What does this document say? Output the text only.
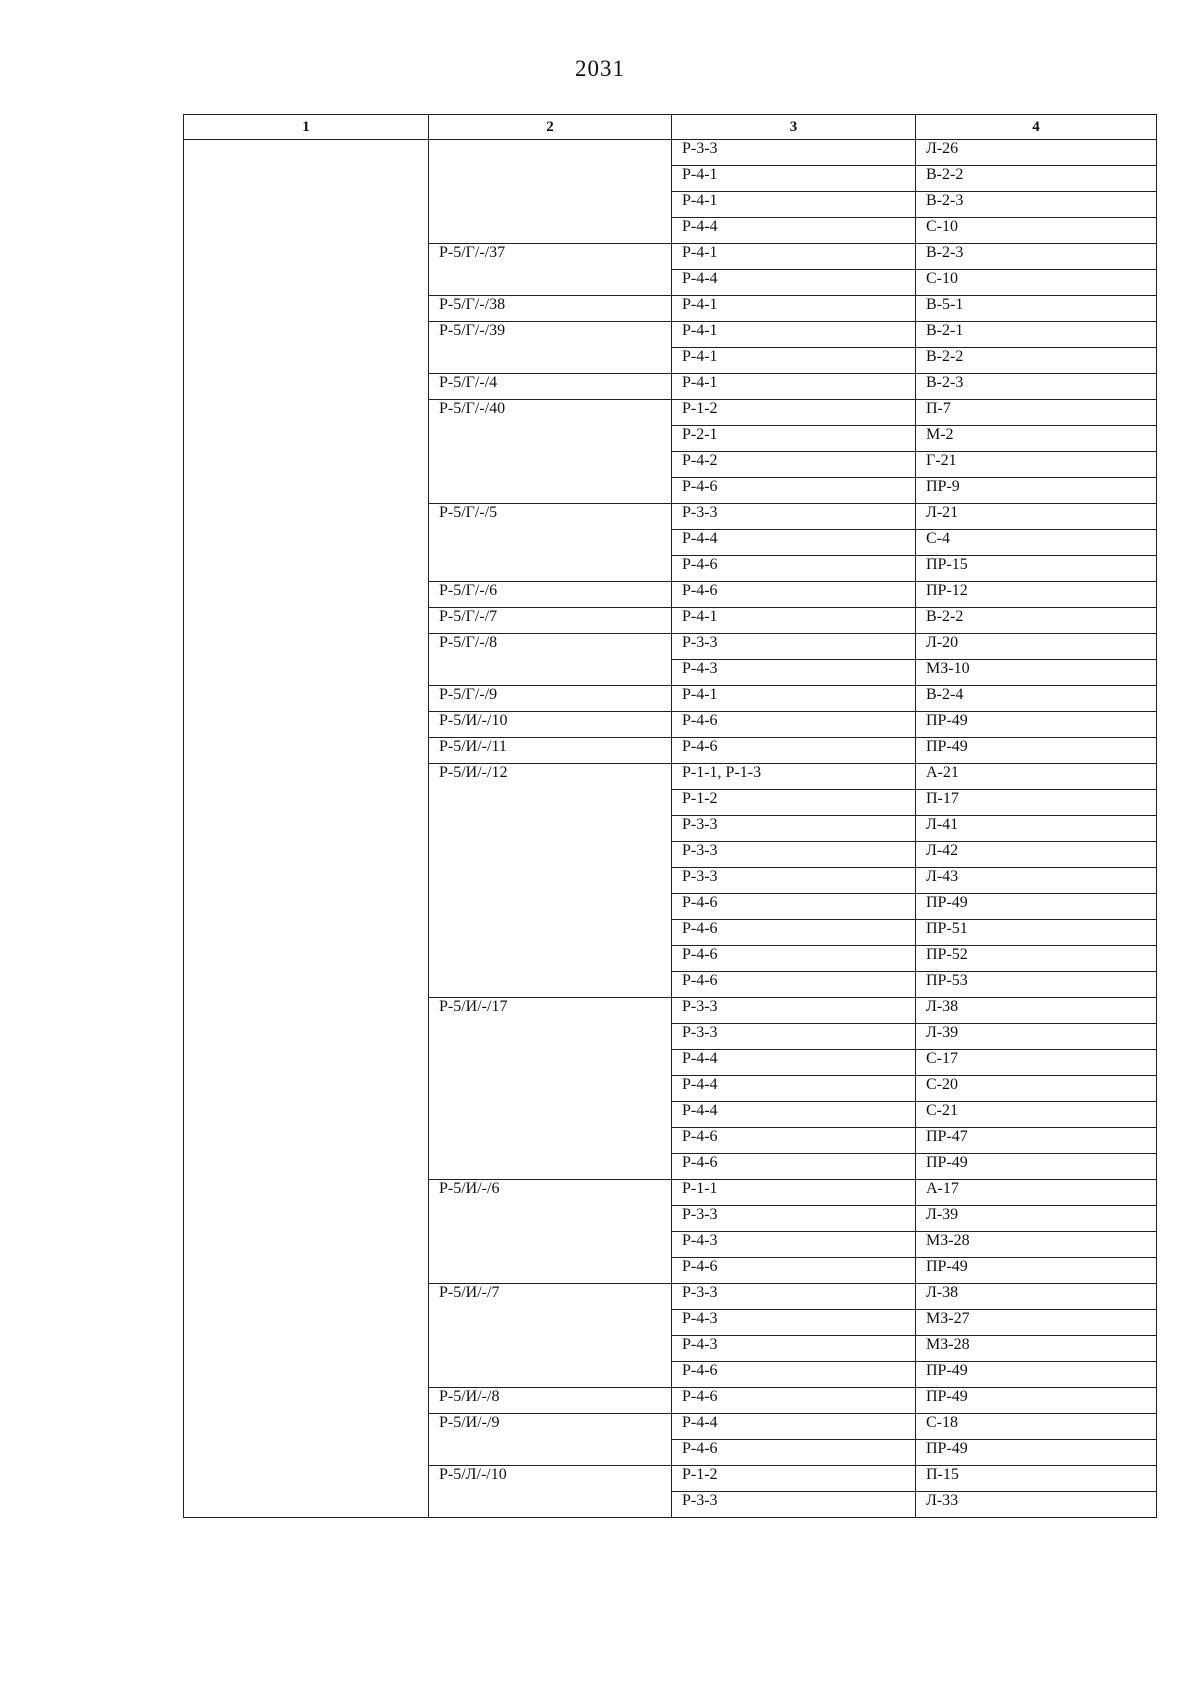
2031
1	2	3	4
		Р-3-3	Л-26
		Р-4-1	В-2-2
		Р-4-1	В-2-3
		Р-4-4	С-10
	Р-5/Г/-/37	Р-4-1	В-2-3
		Р-4-4	С-10
	Р-5/Г/-/38	Р-4-1	В-5-1
	Р-5/Г/-/39	Р-4-1	В-2-1
		Р-4-1	В-2-2
	Р-5/Г/-/4	Р-4-1	В-2-3
	Р-5/Г/-/40	Р-1-2	П-7
		Р-2-1	М-2
		Р-4-2	Г-21
		Р-4-6	ПР-9
	Р-5/Г/-/5	Р-3-3	Л-21
		Р-4-4	С-4
		Р-4-6	ПР-15
	Р-5/Г/-/6	Р-4-6	ПР-12
	Р-5/Г/-/7	Р-4-1	В-2-2
	Р-5/Г/-/8	Р-3-3	Л-20
		Р-4-3	МЗ-10
	Р-5/Г/-/9	Р-4-1	В-2-4
	Р-5/И/-/10	Р-4-6	ПР-49
	Р-5/И/-/11	Р-4-6	ПР-49
	Р-5/И/-/12	Р-1-1, Р-1-3	А-21
		Р-1-2	П-17
		Р-3-3	Л-41
		Р-3-3	Л-42
		Р-3-3	Л-43
		Р-4-6	ПР-49
		Р-4-6	ПР-51
		Р-4-6	ПР-52
		Р-4-6	ПР-53
	Р-5/И/-/17	Р-3-3	Л-38
		Р-3-3	Л-39
		Р-4-4	С-17
		Р-4-4	С-20
		Р-4-4	С-21
		Р-4-6	ПР-47
		Р-4-6	ПР-49
	Р-5/И/-/6	Р-1-1	А-17
		Р-3-3	Л-39
		Р-4-3	МЗ-28
		Р-4-6	ПР-49
	Р-5/И/-/7	Р-3-3	Л-38
		Р-4-3	МЗ-27
		Р-4-3	МЗ-28
		Р-4-6	ПР-49
	Р-5/И/-/8	Р-4-6	ПР-49
	Р-5/И/-/9	Р-4-4	С-18
		Р-4-6	ПР-49
	Р-5/Л/-/10	Р-1-2	П-15
		Р-3-3	Л-33
